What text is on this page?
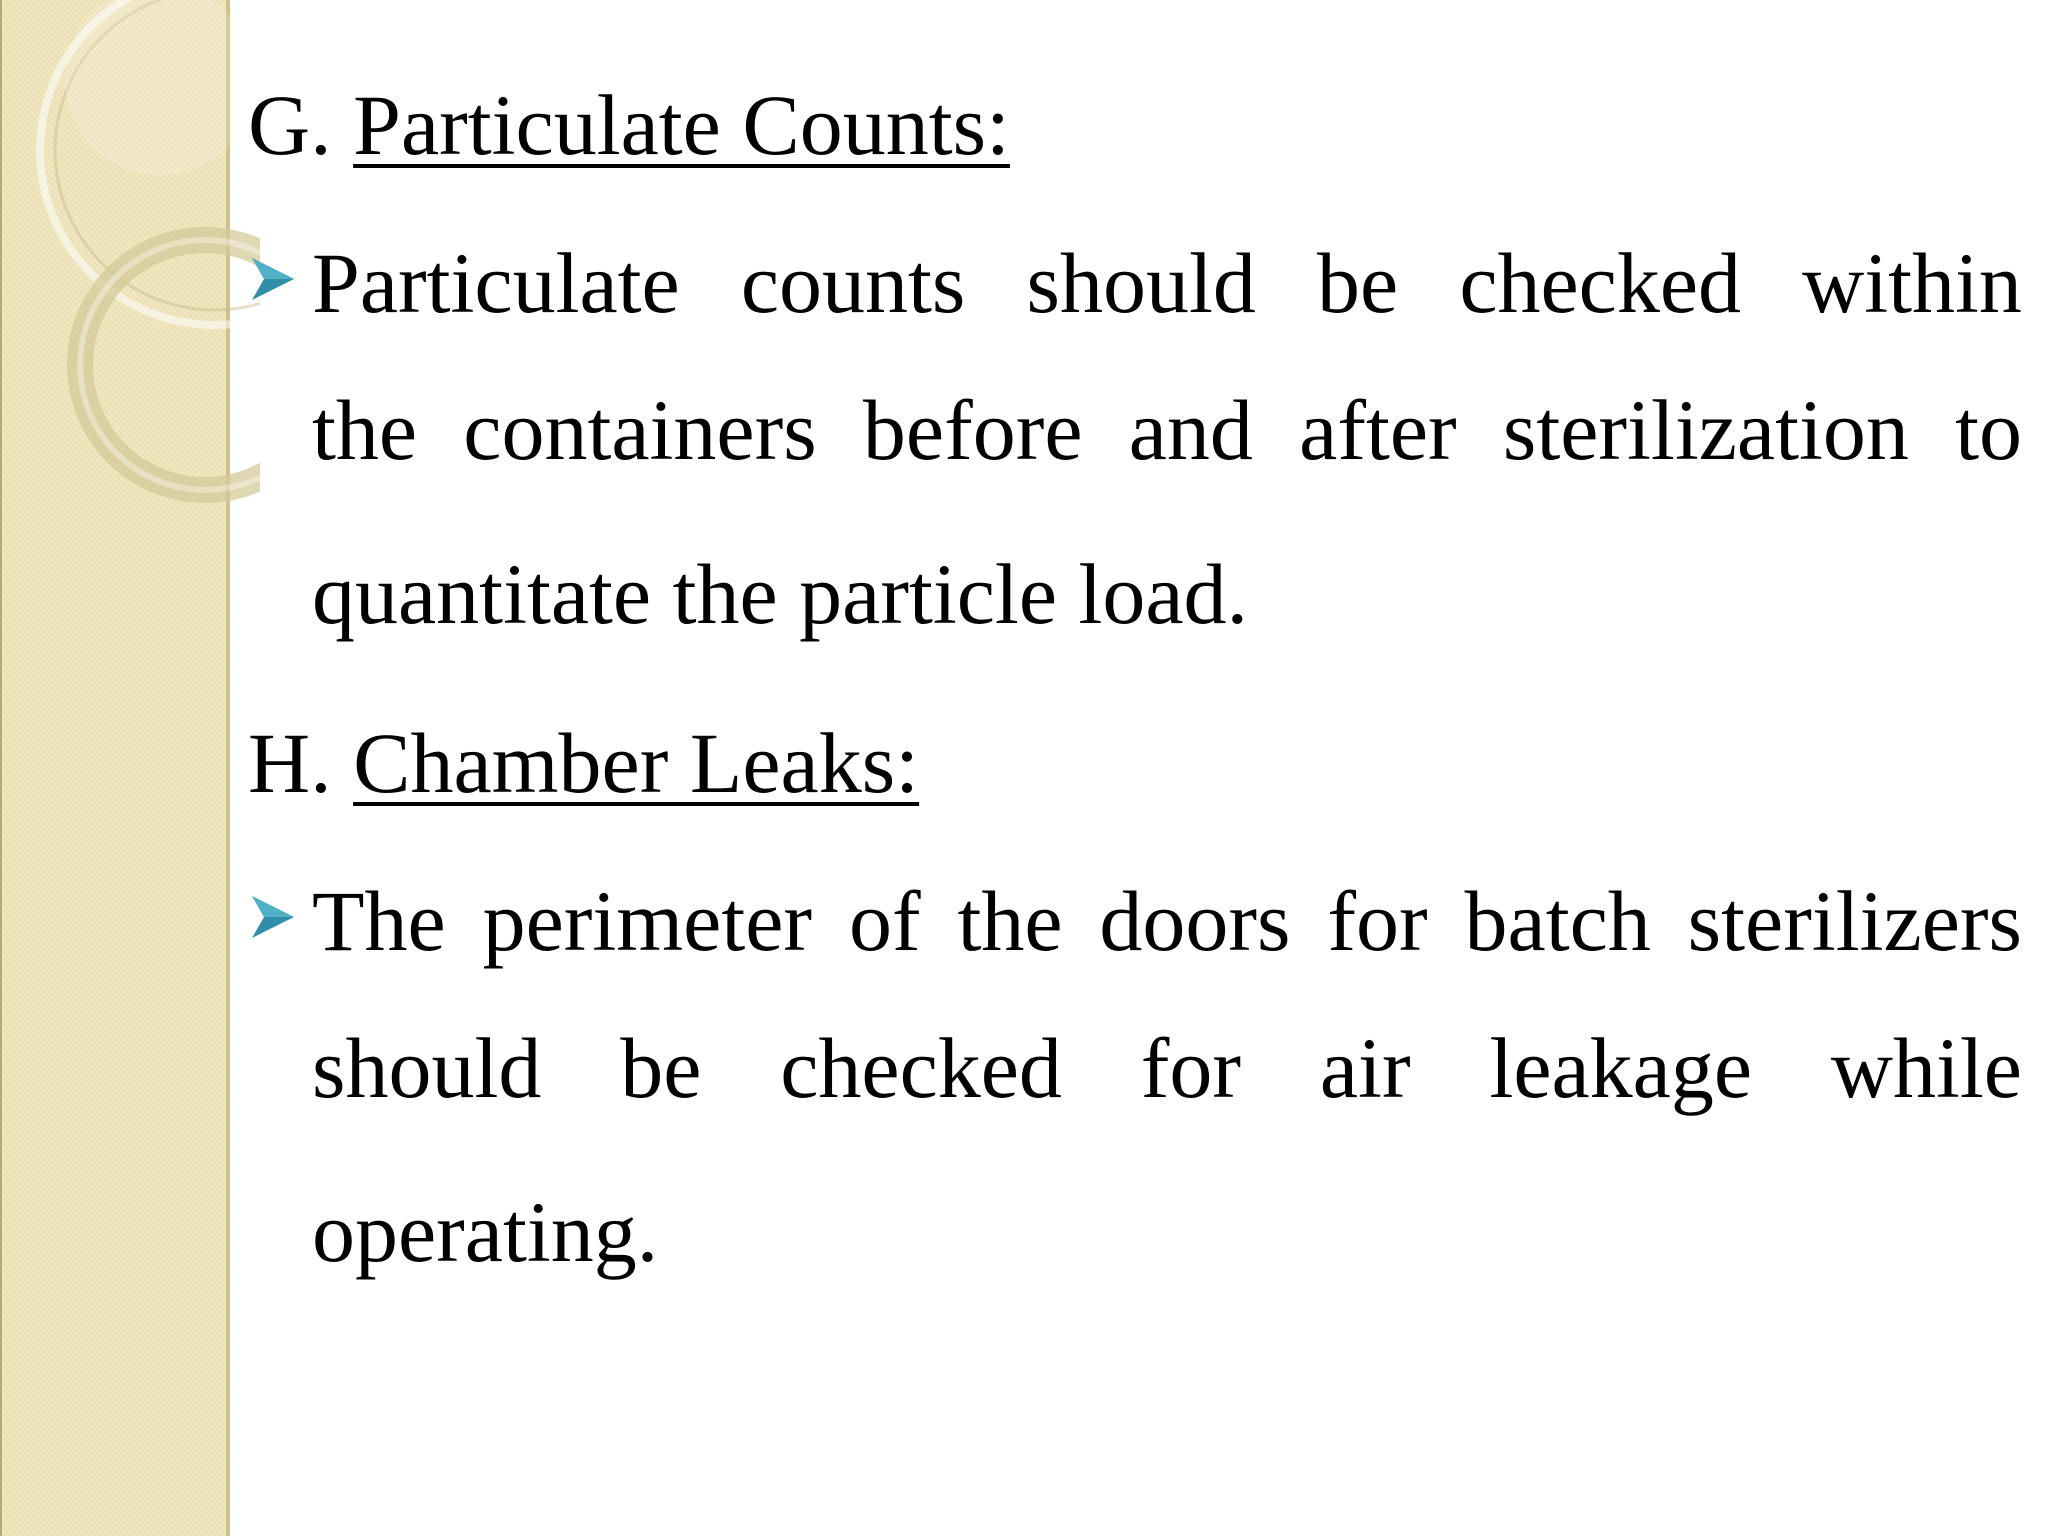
G. Particulate Counts:

Particulate counts should be checked within
the containers before and after sterilization to
quantitate the particle load.

H. Chamber Leaks:

The perimeter of the doors for batch sterilizers
should be checked for air leakage while
operating.
